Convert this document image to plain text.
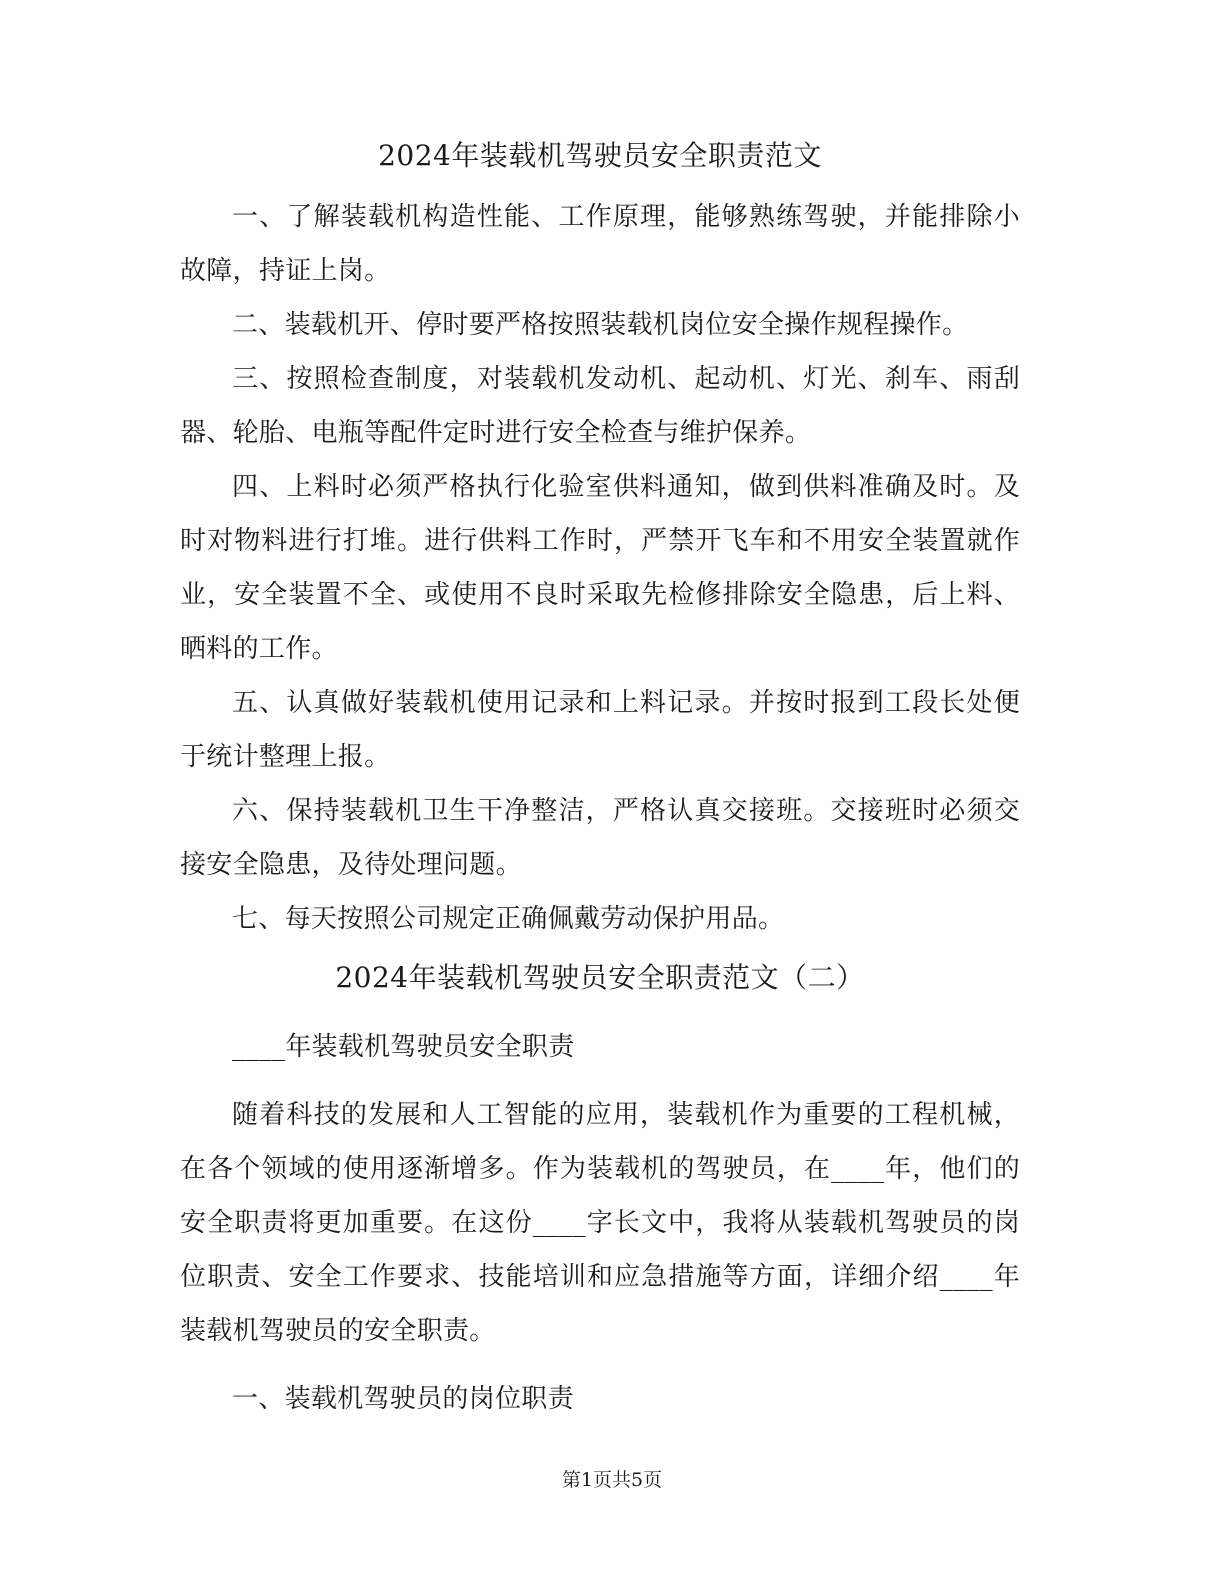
2024年装载机驾驶员安全职责范文

一、了解装载机构造性能、工作原理，能够熟练驾驶，并能排除小故障，持证上岗。

二、装载机开、停时要严格按照装载机岗位安全操作规程操作。

三、按照检查制度，对装载机发动机、起动机、灯光、刹车、雨刮器、轮胎、电瓶等配件定时进行安全检查与维护保养。

四、上料时必须严格执行化验室供料通知，做到供料准确及时。及时对物料进行打堆。进行供料工作时，严禁开飞车和不用安全装置就作业，安全装置不全、或使用不良时采取先检修排除安全隐患，后上料、晒料的工作。

五、认真做好装载机使用记录和上料记录。并按时报到工段长处便于统计整理上报。

六、保持装载机卫生干净整洁，严格认真交接班。交接班时必须交接安全隐患，及待处理问题。

七、每天按照公司规定正确佩戴劳动保护用品。

2024年装载机驾驶员安全职责范文（二）

____年装载机驾驶员安全职责

随着科技的发展和人工智能的应用，装载机作为重要的工程机械，在各个领域的使用逐渐增多。作为装载机的驾驶员，在____年，他们的安全职责将更加重要。在这份____字长文中，我将从装载机驾驶员的岗位职责、安全工作要求、技能培训和应急措施等方面，详细介绍____年装载机驾驶员的安全职责。

一、装载机驾驶员的岗位职责

第1页共5页
